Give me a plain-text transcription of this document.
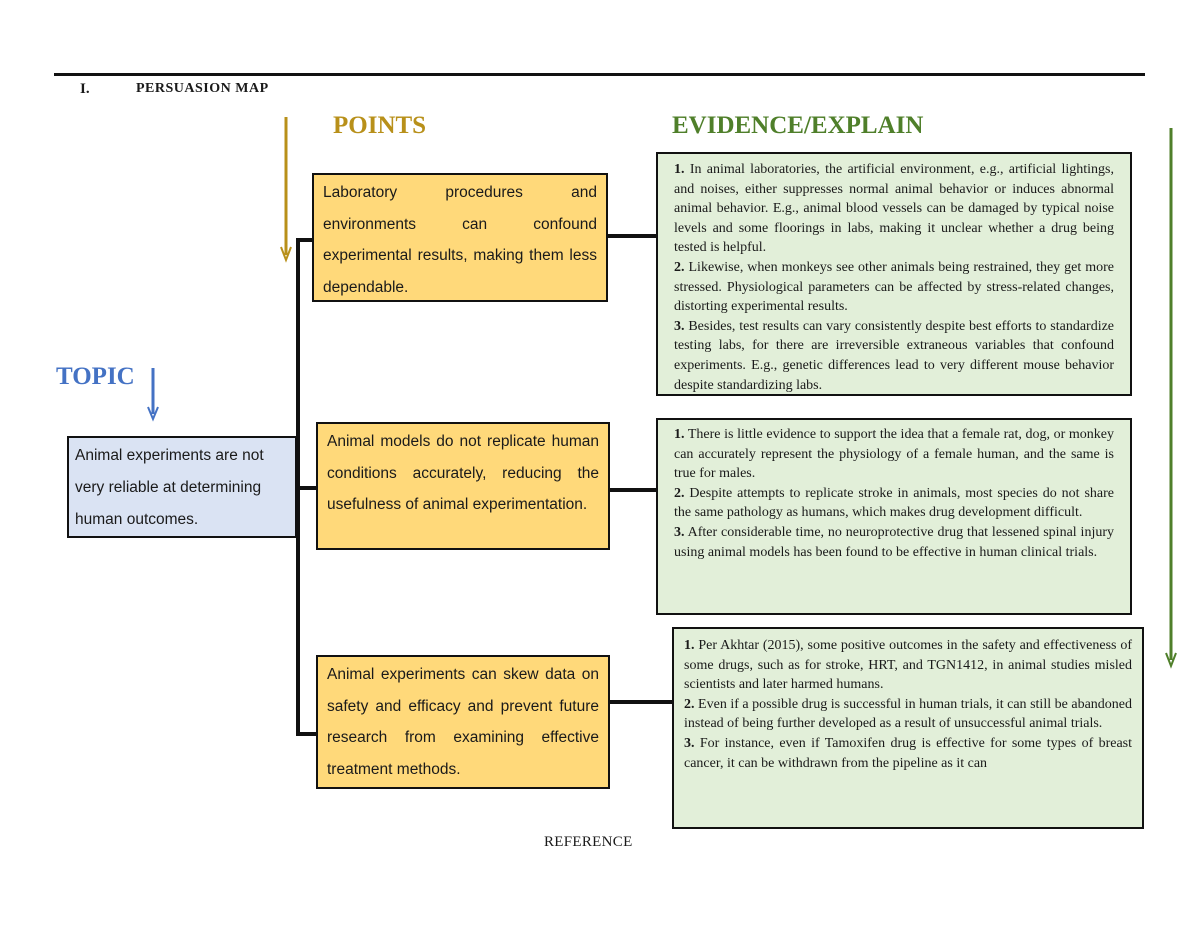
I.	PERSUASION MAP
POINTS	EVIDENCE/EXPLAIN
TOPIC
Animal experiments are not very reliable at determining human outcomes.
Laboratory procedures and environments can confound experimental results, making them less dependable.
Animal models do not replicate human conditions accurately, reducing the usefulness of animal experimentation.
Animal experiments can skew data on safety and efficacy and prevent future research from examining effective treatment methods.

1. In animal laboratories, the artificial environment, e.g., artificial lightings, and noises, either suppresses normal animal behavior or induces abnormal animal behavior. E.g., animal blood vessels can be damaged by typical noise levels and some floorings in labs, making it unclear whether a drug being tested is helpful.

2. Likewise, when monkeys see other animals being restrained, they get more stressed. Physiological parameters can be affected by stress-related changes, distorting experimental results.

3. Besides, test results can vary consistently despite best efforts to standardize testing labs, for there are irreversible extraneous variables that confound experiments. E.g., genetic differences lead to very different mouse behavior despite standardizing labs.

1. There is little evidence to support the idea that a female rat, dog, or monkey can accurately represent the physiology of a female human, and the same is true for males.

2. Despite attempts to replicate stroke in animals, most species do not share the same pathology as humans, which makes drug development difficult.

3. After considerable time, no neuroprotective drug that lessened spinal injury using animal models has been found to be effective in human clinical trials.

1. Per Akhtar (2015), some positive outcomes in the safety and effectiveness of some drugs, such as for stroke, HRT, and TGN1412, in animal studies misled scientists and later harmed humans.

2. Even if a possible drug is successful in human trials, it can still be abandoned instead of being further developed as a result of unsuccessful animal trials.

3. For instance, even if Tamoxifen drug is effective for some types of breast cancer, it can be withdrawn from the pipeline as it can

REFERENCE
